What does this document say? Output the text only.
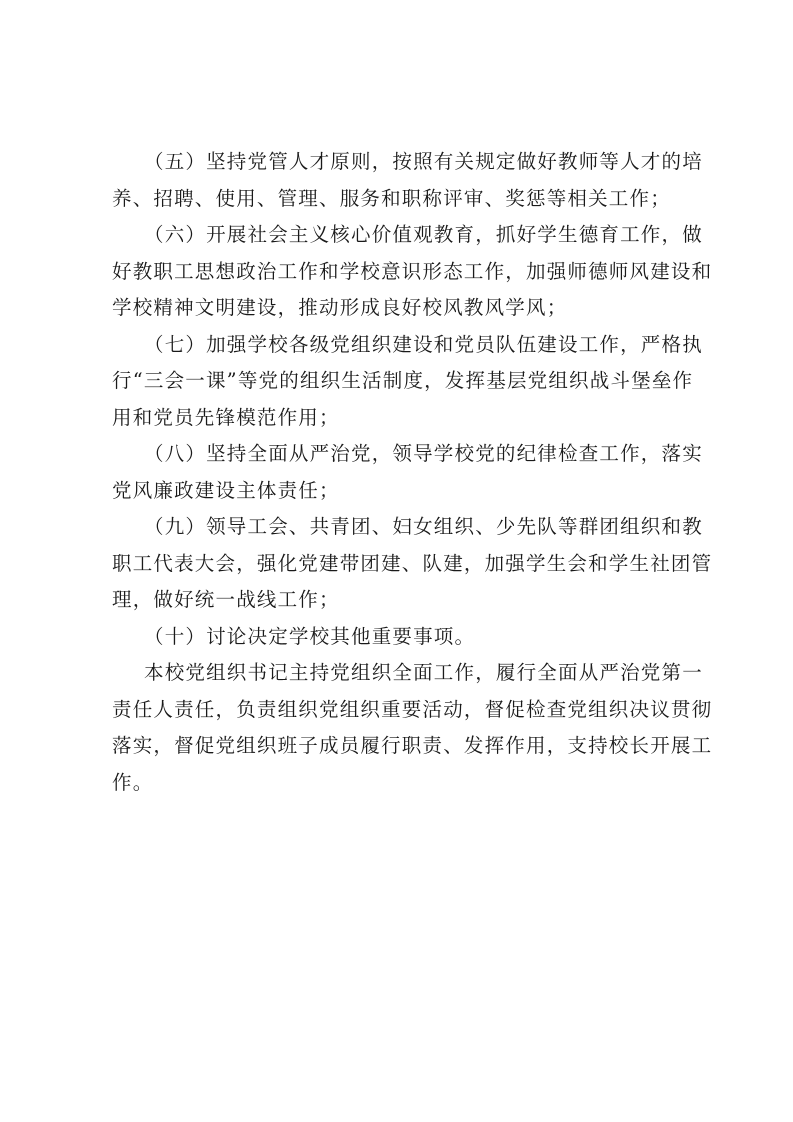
（五）坚持党管人才原则，按照有关规定做好教师等人才的培
养、招聘、使用、管理、服务和职称评审、奖惩等相关工作；
（六）开展社会主义核心价值观教育，抓好学生德育工作，做
好教职工思想政治工作和学校意识形态工作，加强师德师风建设和
学校精神文明建设，推动形成良好校风教风学风；
（七）加强学校各级党组织建设和党员队伍建设工作，严格执
行“三会一课”等党的组织生活制度，发挥基层党组织战斗堡垒作
用和党员先锋模范作用；
（八）坚持全面从严治党，领导学校党的纪律检查工作，落实
党风廉政建设主体责任；
（九）领导工会、共青团、妇女组织、少先队等群团组织和教
职工代表大会，强化党建带团建、队建，加强学生会和学生社团管
理，做好统一战线工作；
（十）讨论决定学校其他重要事项。
本校党组织书记主持党组织全面工作，履行全面从严治党第一
责任人责任，负责组织党组织重要活动，督促检查党组织决议贯彻
落实，督促党组织班子成员履行职责、发挥作用，支持校长开展工
作。
